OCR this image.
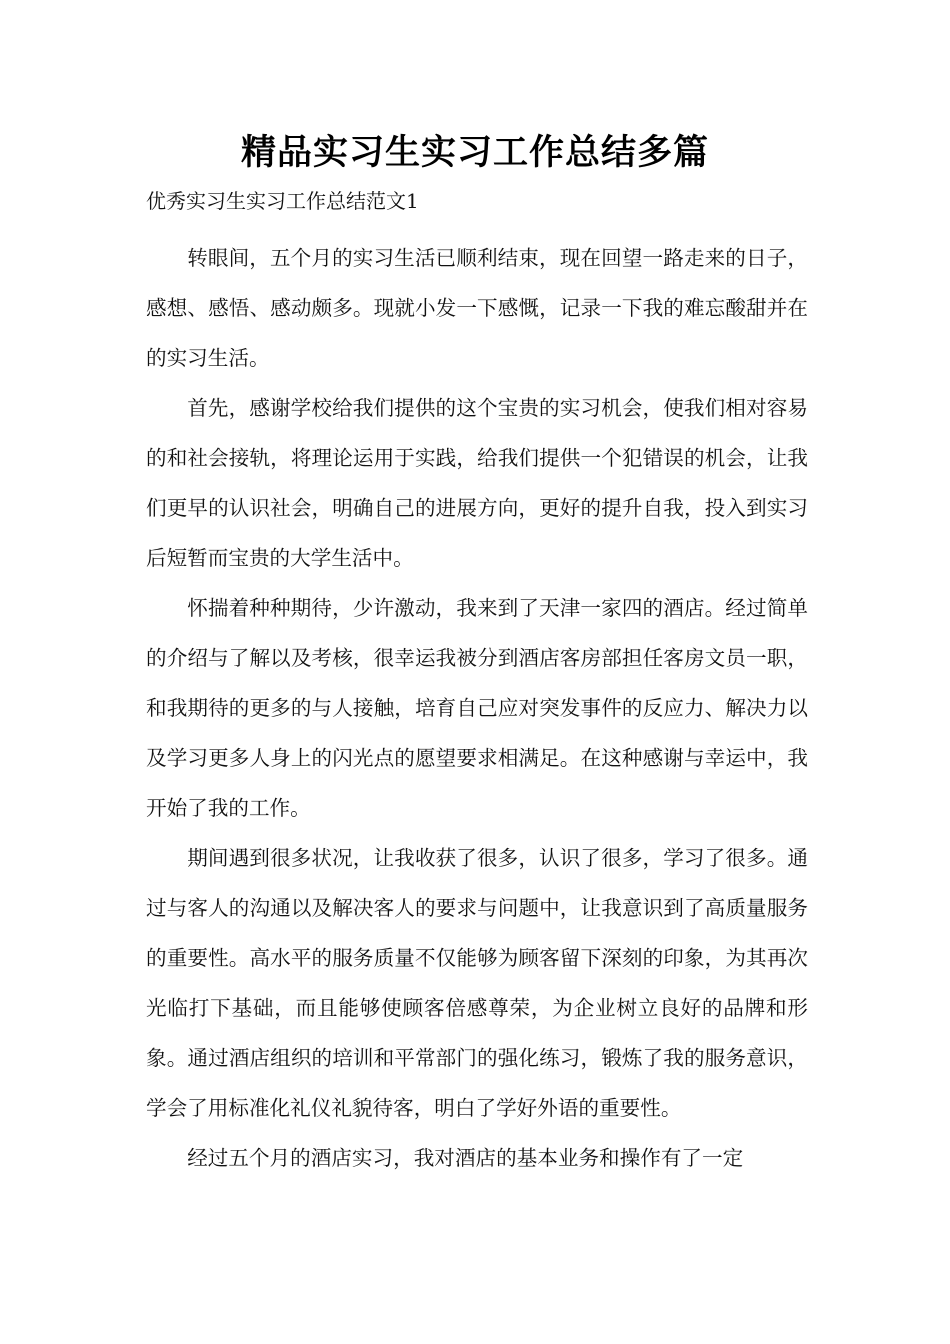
精品实习生实习工作总结多篇

优秀实习生实习工作总结范文1

转眼间，五个月的实习生活已顺利结束，现在回望一路走来的日子，感想、感悟、感动颇多。现就小发一下感慨，记录一下我的难忘酸甜并在的实习生活。

首先，感谢学校给我们提供的这个宝贵的实习机会，使我们相对容易的和社会接轨，将理论运用于实践，给我们提供一个犯错误的机会，让我们更早的认识社会，明确自己的进展方向，更好的提升自我，投入到实习后短暂而宝贵的大学生活中。

怀揣着种种期待，少许激动，我来到了天津一家四的酒店。经过简单的介绍与了解以及考核，很幸运我被分到酒店客房部担任客房文员一职，和我期待的更多的与人接触，培育自己应对突发事件的反应力、解决力以及学习更多人身上的闪光点的愿望要求相满足。在这种感谢与幸运中，我开始了我的工作。

期间遇到很多状况，让我收获了很多，认识了很多，学习了很多。通过与客人的沟通以及解决客人的要求与问题中，让我意识到了高质量服务的重要性。高水平的服务质量不仅能够为顾客留下深刻的印象，为其再次光临打下基础，而且能够使顾客倍感尊荣，为企业树立良好的品牌和形象。通过酒店组织的培训和平常部门的强化练习，锻炼了我的服务意识，学会了用标准化礼仪礼貌待客，明白了学好外语的重要性。

经过五个月的酒店实习，我对酒店的基本业务和操作有了一定
